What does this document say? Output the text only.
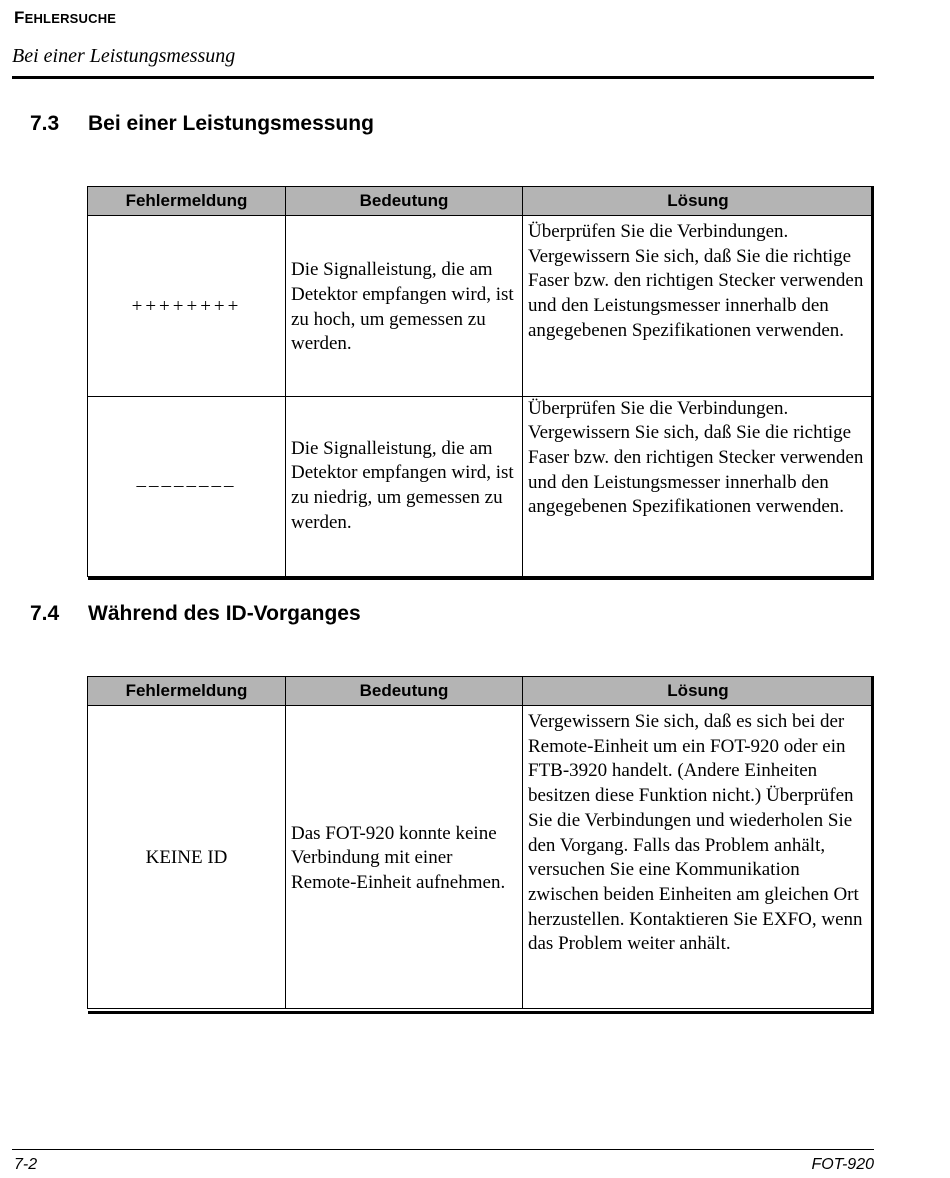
FEHLERSUCHE
Bei einer Leistungsmessung
7.3 Bei einer Leistungsmessung
Fehlermeldung	Bedeutung	Lösung

++++++++	Die Signalleistung, die am Detektor empfangen wird, ist zu hoch, um gemessen zu werden.	Überprüfen Sie die Verbindungen. Vergewissern Sie sich, daß Sie die richtige Faser bzw. den richtigen Stecker verwenden und den Leistungsmesser innerhalb den angegebenen Spezifikationen verwenden.
––––––––	Die Signalleistung, die am Detektor empfangen wird, ist zu niedrig, um gemessen zu werden.	Überprüfen Sie die Verbindungen. Vergewissern Sie sich, daß Sie die richtige Faser bzw. den richtigen Stecker verwenden und den Leistungsmesser innerhalb den angegebenen Spezifikationen verwenden.
7.4 Während des ID-Vorganges
Fehlermeldung	Bedeutung	Lösung

KEINE ID	Das FOT-920 konnte keine Verbindung mit einer Remote-Einheit aufnehmen.	Vergewissern Sie sich, daß es sich bei der Remote-Einheit um ein FOT-920 oder ein FTB-3920 handelt. (Andere Einheiten besitzen diese Funktion nicht.) Überprüfen Sie die Verbindungen und wiederholen Sie den Vorgang. Falls das Problem anhält, versuchen Sie eine Kommunikation zwischen beiden Einheiten am gleichen Ort herzustellen. Kontaktieren Sie EXFO, wenn das Problem weiter anhält.
7-2	FOT-920
